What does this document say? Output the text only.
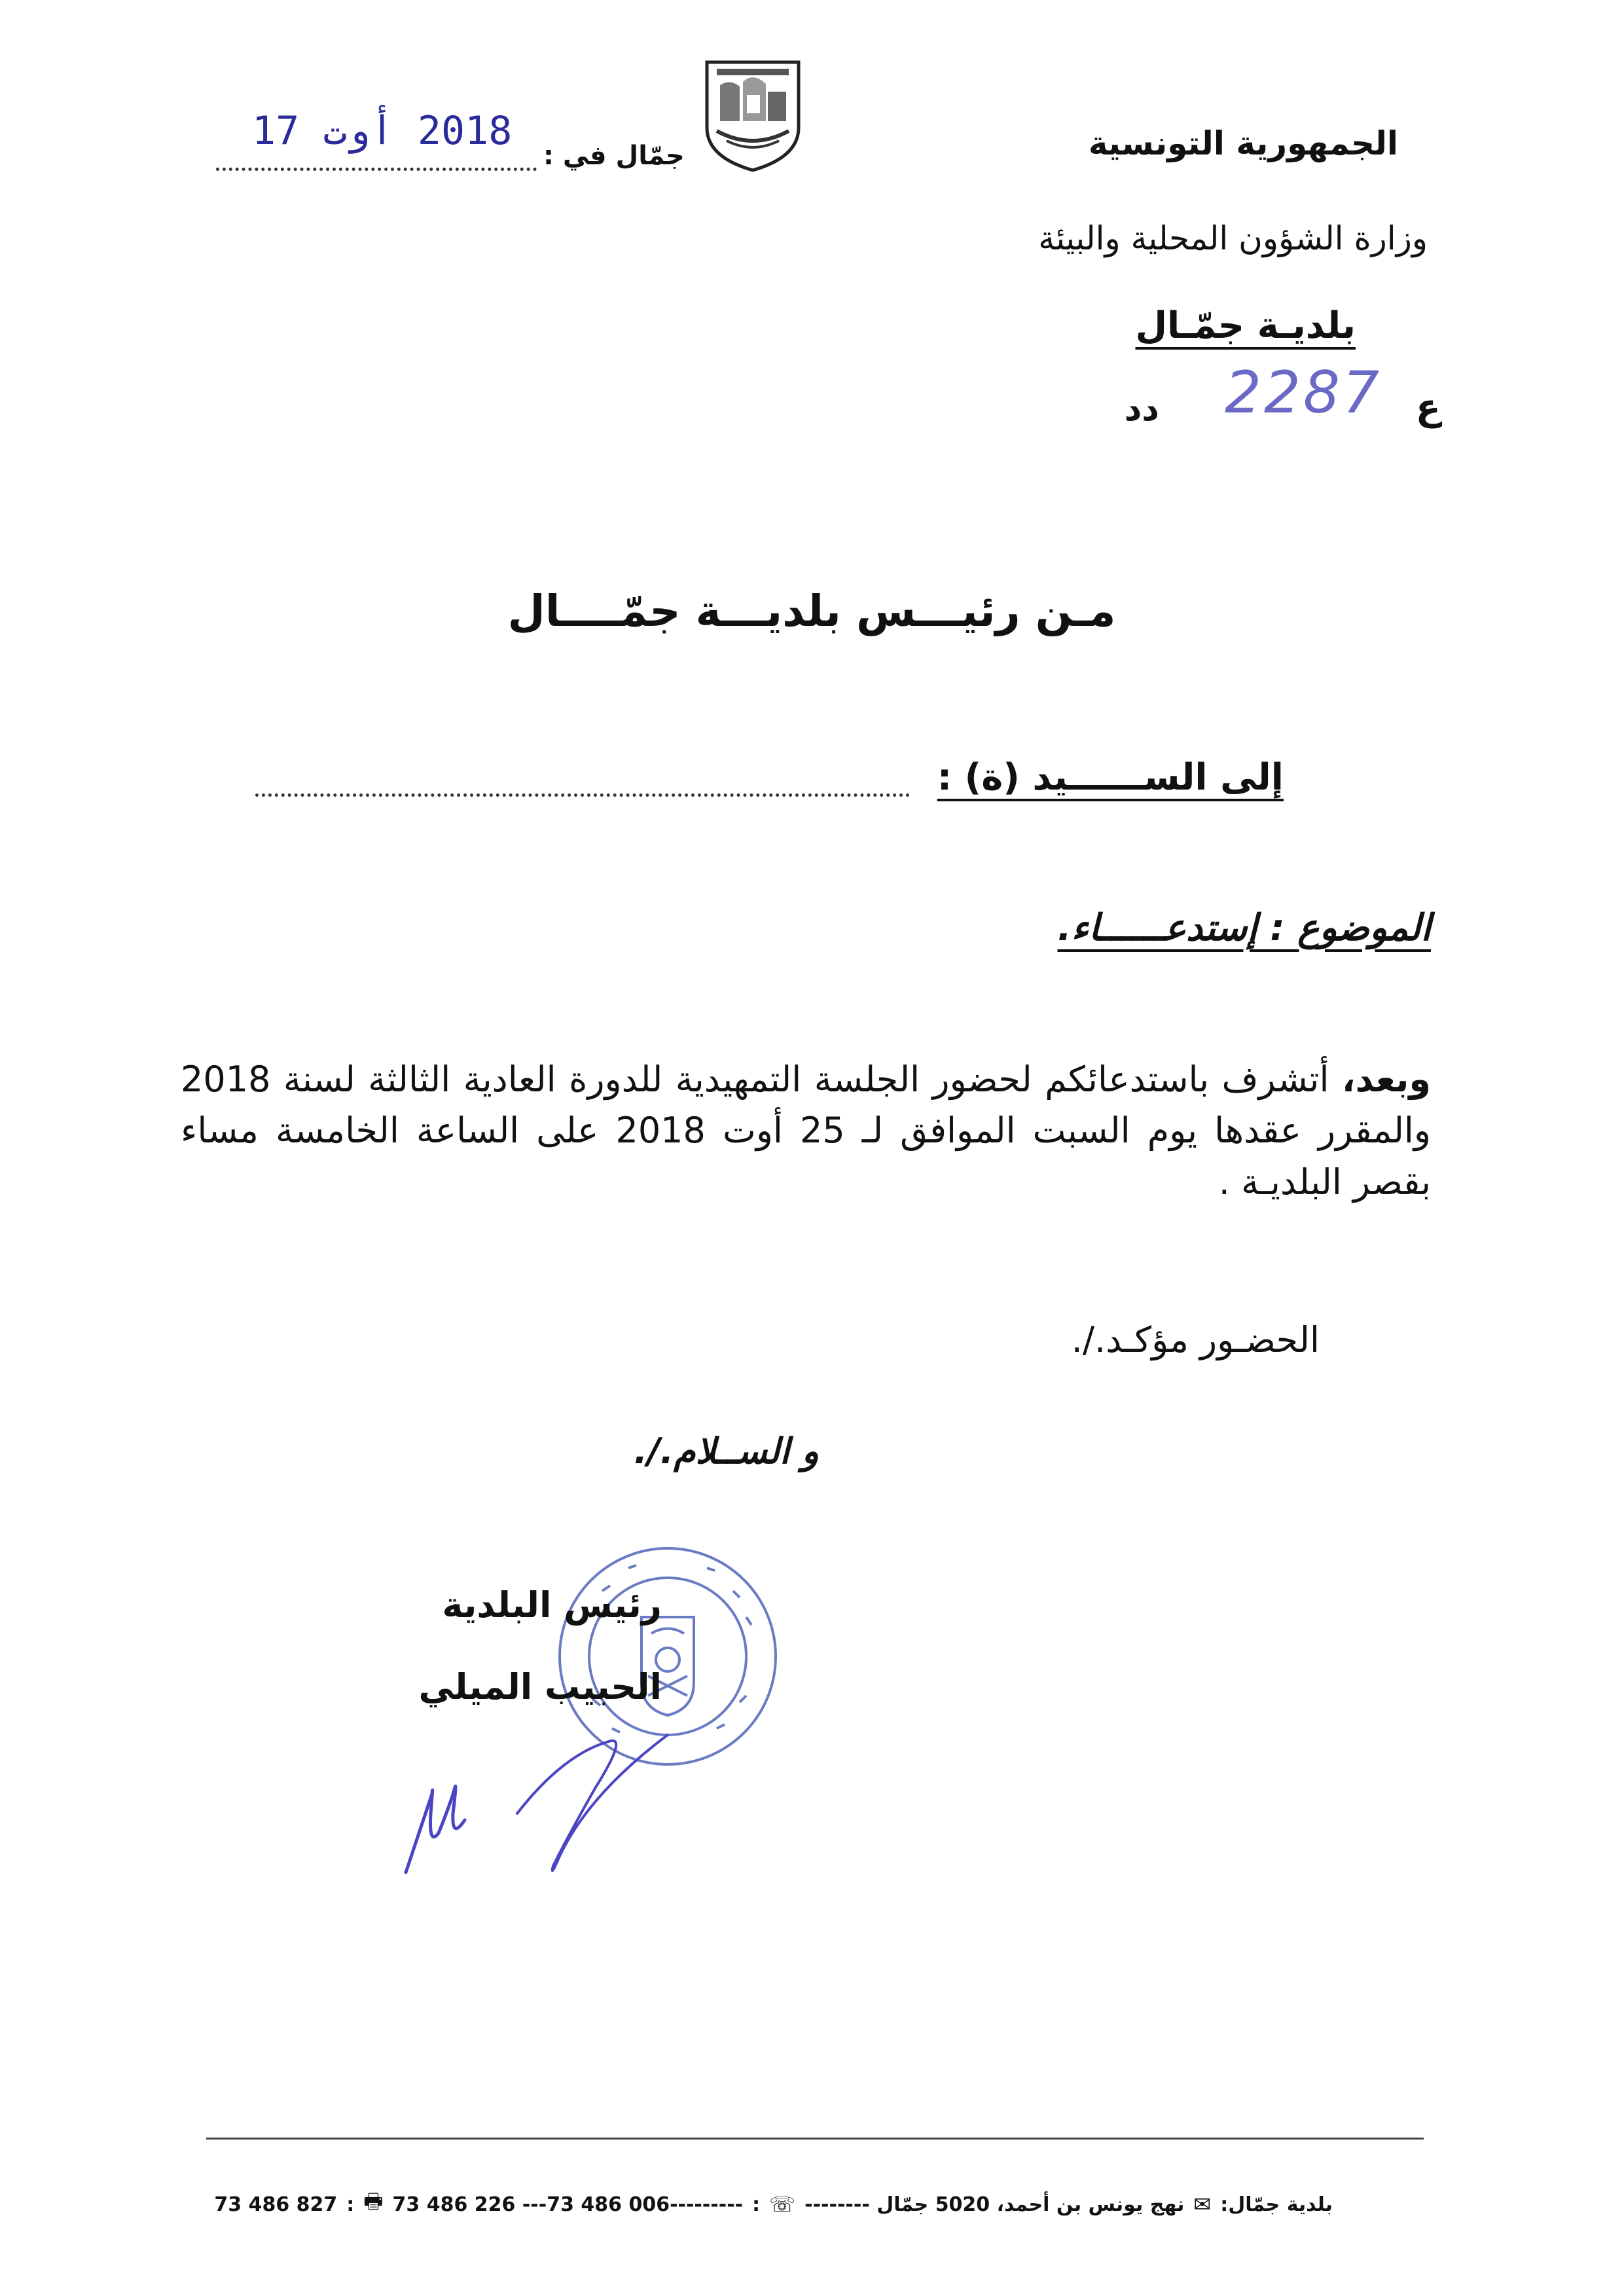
2018 أوت 17
جمّال في :	الجمهورية التونسية
وزارة الشؤون المحلية والبيئة
بلديـة جمّـال
ع
2287
دد
مـن رئيـــس بلديـــة جمّــــال
إلى الســــــيد (ة) :
الموضوع : إستدعــــــاء.
وبعد، أتشرف باستدعائكم لحضور الجلسة التمهيدية للدورة العادية الثالثة لسنة 2018 والمقرر عقدها يوم السبت الموافق لـ 25 أوت 2018 على الساعة الخامسة مساء بقصر البلديـة .
الحضـور مؤكـد./.
و الســلام./.
رئيس البلدية
الحبيب الميلي
بلدية جمّال:
✉
نهج يونس بن أحمد، 5020 جمّال --------
☏
:
73 486 226 ---73 486 006---------
🖶
:
73 486 827
